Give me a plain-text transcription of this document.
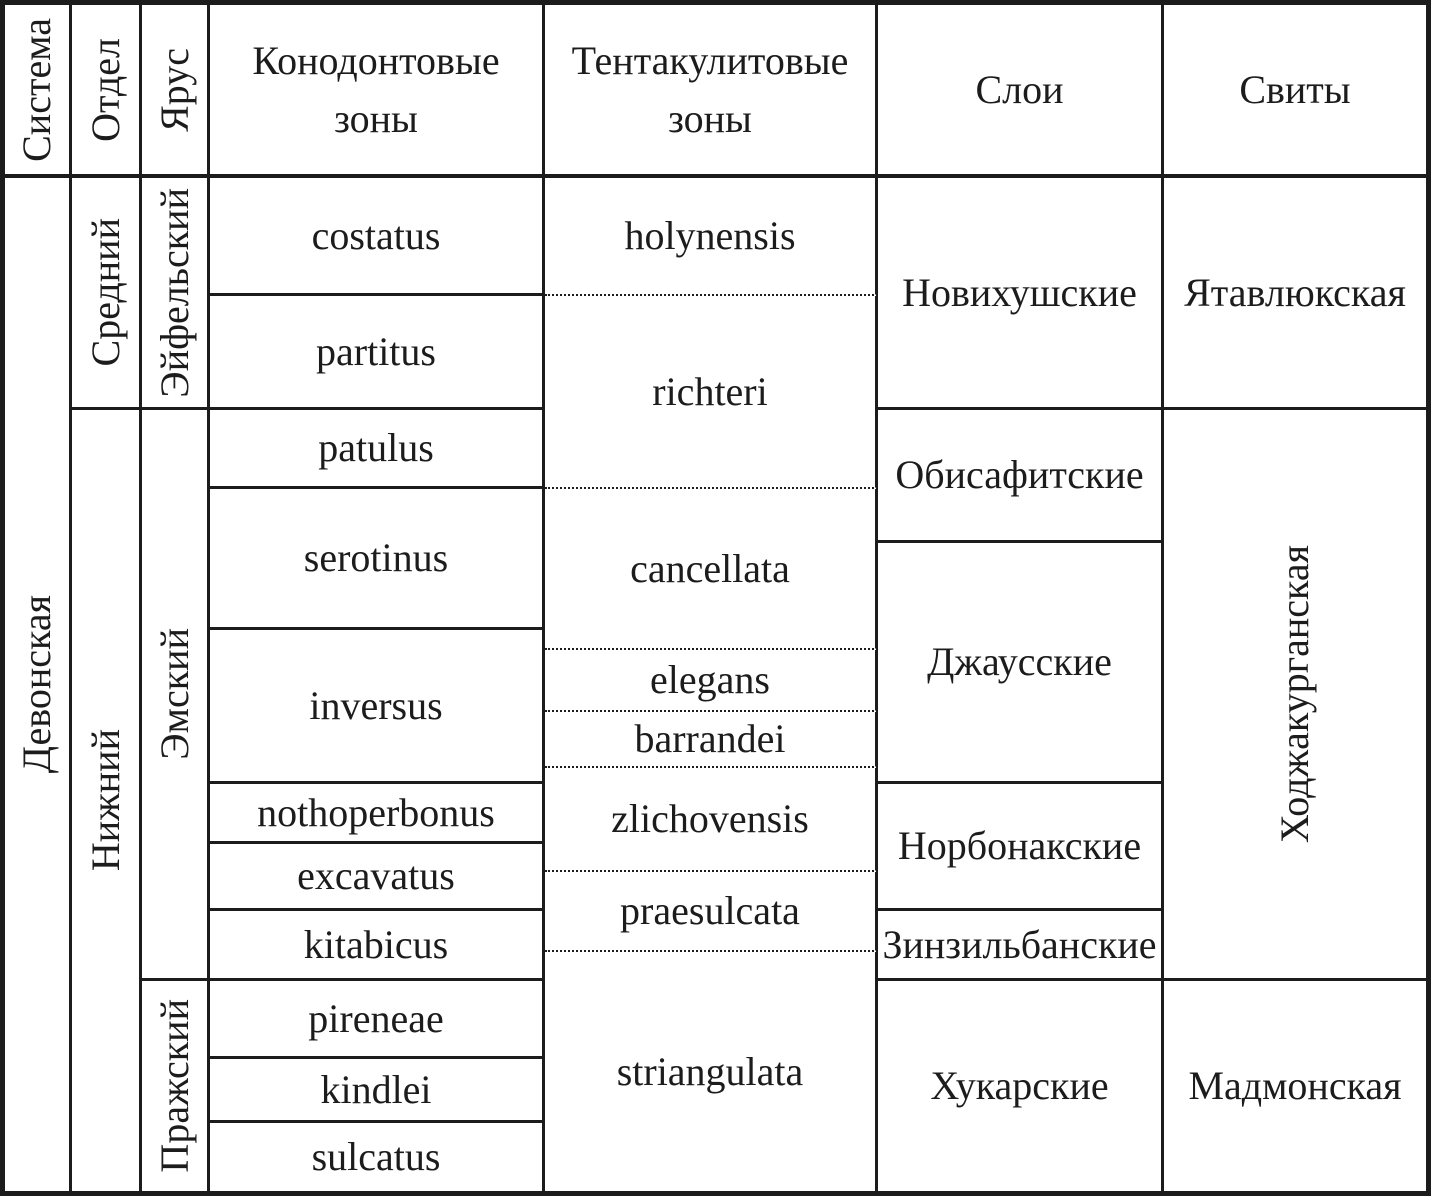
Система Отдел Ярус	Конодонтовые зоны
Тентакулитовые зоны
Слои	Свиты
Девонская
Средний
Нижний
Эйфельский
Эмский
Пражский
costatus
partitus
patulus
serotinus
inversus
nothoperbonus
excavatus
kitabicus
pireneae
kindlei
sulcatus
holynensis
richteri
cancellata
elegans
barrandei
zlichovensis
praesulcata
striangulata
Новихушские
Обисафитские
Джаусские
Норбонакские
Зинзильбанские
Хукарские
Ятавлюкская
Ходжакурганская
Мадмонская
